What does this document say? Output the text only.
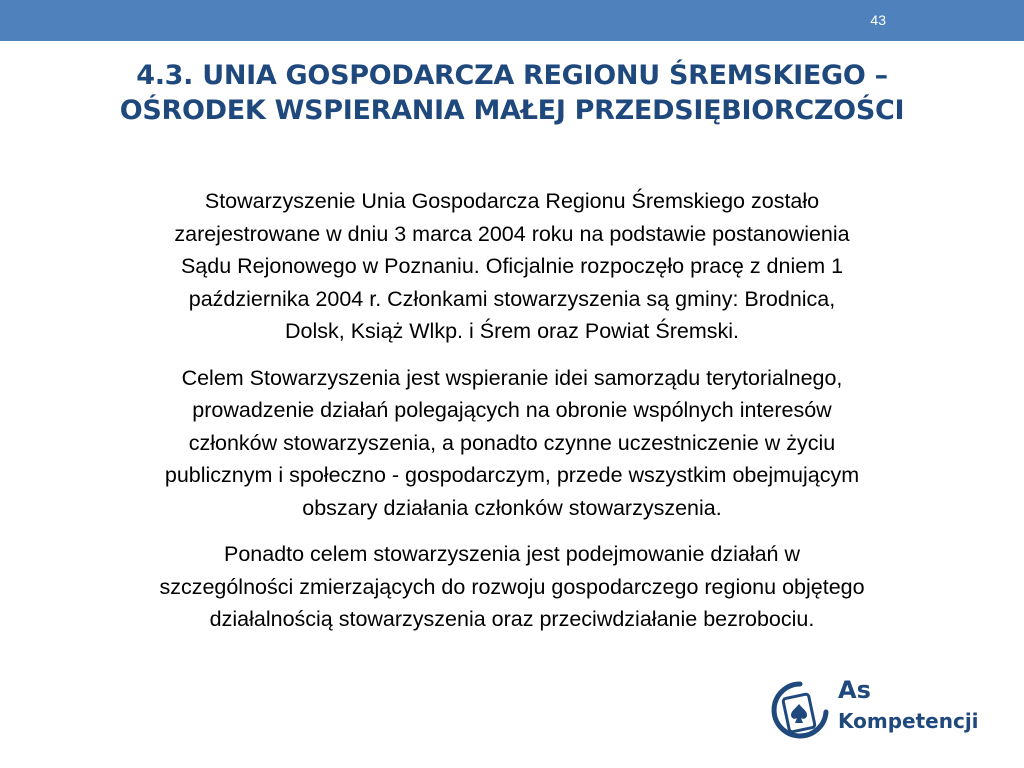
43
4.3. UNIA GOSPODARCZA REGIONU ŚREMSKIEGO –
OŚRODEK WSPIERANIA MAŁEJ PRZEDSIĘBIORCZOŚCI

Stowarzyszenie Unia Gospodarcza Regionu Śremskiego zostało
zarejestrowane w dniu 3 marca 2004 roku na podstawie postanowienia
Sądu Rejonowego w Poznaniu. Oficjalnie rozpoczęło pracę z dniem 1
października 2004 r. Członkami stowarzyszenia są gminy: Brodnica,
Dolsk, Książ Wlkp. i Śrem oraz Powiat Śremski.

Celem Stowarzyszenia jest wspieranie idei samorządu terytorialnego,
prowadzenie działań polegających na obronie wspólnych interesów
członków stowarzyszenia, a ponadto czynne uczestniczenie w życiu
publicznym i społeczno - gospodarczym, przede wszystkim obejmującym
obszary działania członków stowarzyszenia.

Ponadto celem stowarzyszenia jest podejmowanie działań w
szczególności zmierzających do rozwoju gospodarczego regionu objętego
działalnością stowarzyszenia oraz przeciwdziałanie bezrobociu.

As
Kompetencji
